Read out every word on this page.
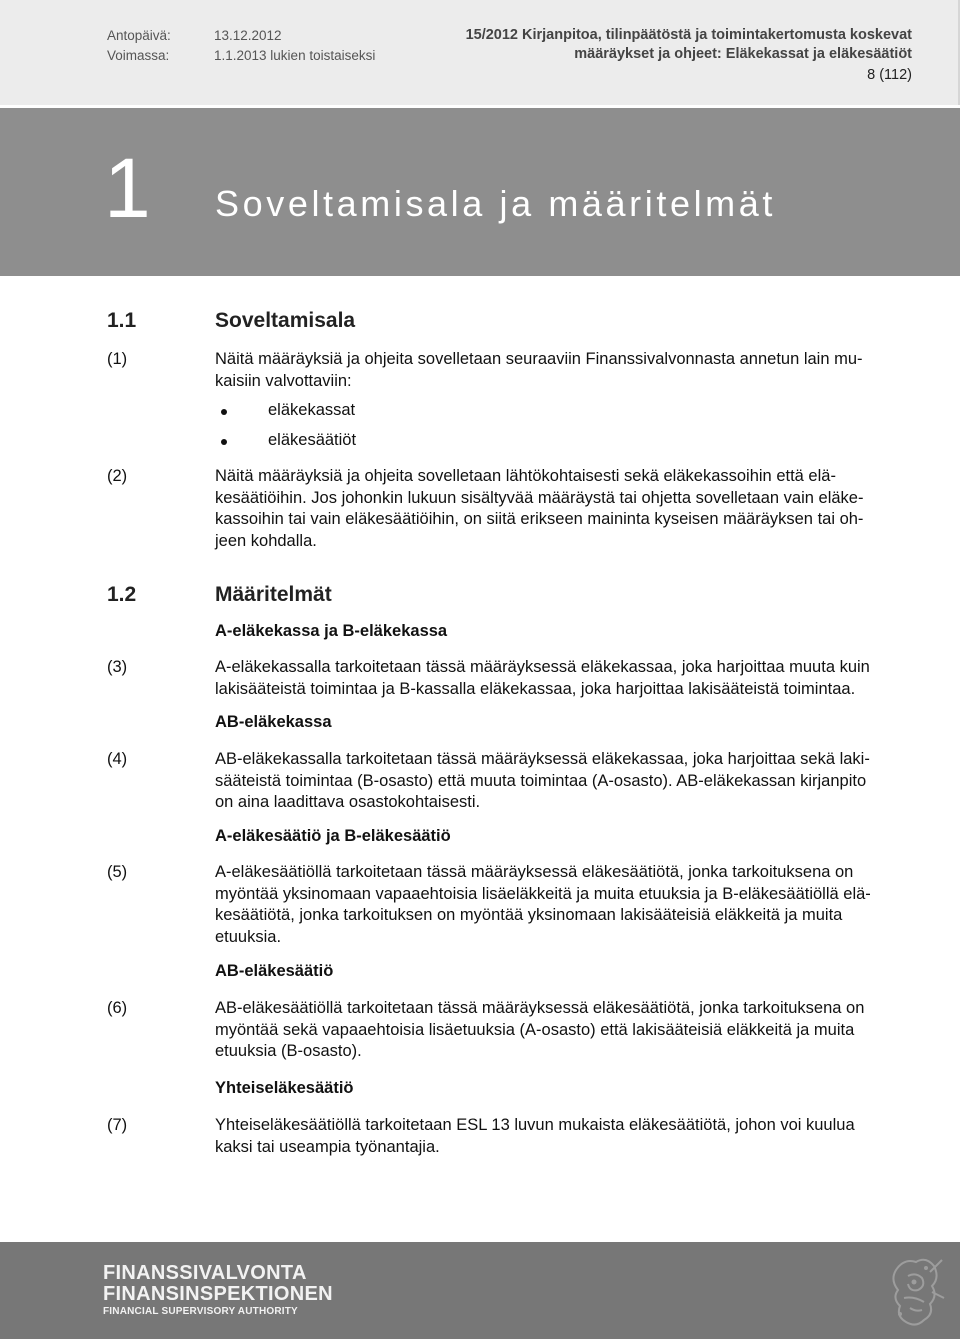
Antopäivä:	13.12.2012
Voimassa:	1.1.2013 lukien toistaiseksi
15/2012 Kirjanpitoa, tilinpäätöstä ja toimintakertomusta koskevat
määräykset ja ohjeet: Eläkekassat ja eläkesäätiöt
8 (112)
1 Soveltamisala ja määritelmät
1.1	Soveltamisala
(1)	Näitä määräyksiä ja ohjeita sovelletaan seuraaviin Finanssivalvonnasta annetun lain mu-
kaisiin valvottaviin:
eläkekassat
eläkesäätiöt
(2)	Näitä määräyksiä ja ohjeita sovelletaan lähtökohtaisesti sekä eläkekassoihin että elä-
kesäätiöihin. Jos johonkin lukuun sisältyvää määräystä tai ohjetta sovelletaan vain eläke-
kassoihin tai vain eläkesäätiöihin, on siitä erikseen maininta kyseisen määräyksen tai oh-
jeen kohdalla.
1.2	Määritelmät
A-eläkekassa ja B-eläkekassa
(3)	A-eläkekassalla tarkoitetaan tässä määräyksessä eläkekassaa, joka harjoittaa muuta kuin
lakisääteistä toimintaa ja B-kassalla eläkekassaa, joka harjoittaa lakisääteistä toimintaa.
AB-eläkekassa
(4)	AB-eläkekassalla tarkoitetaan tässä määräyksessä eläkekassaa, joka harjoittaa sekä laki-
sääteistä toimintaa (B-osasto) että muuta toimintaa (A-osasto). AB-eläkekassan kirjanpito
on aina laadittava osastokohtaisesti.
A-eläkesäätiö ja B-eläkesäätiö
(5)	A-eläkesäätiöllä tarkoitetaan tässä määräyksessä eläkesäätiötä, jonka tarkoituksena on
myöntää yksinomaan vapaaehtoisia lisäeläkkeitä ja muita etuuksia ja B-eläkesäätiöllä elä-
kesäätiötä, jonka tarkoituksen on myöntää yksinomaan lakisääteisiä eläkkeitä ja muita
etuuksia.
AB-eläkesäätiö
(6)	AB-eläkesäätiöllä tarkoitetaan tässä määräyksessä eläkesäätiötä, jonka tarkoituksena on
myöntää sekä vapaaehtoisia lisäetuuksia (A-osasto) että lakisääteisiä eläkkeitä ja muita
etuuksia (B-osasto).
Yhteiseläkesäätiö
(7)	Yhteiseläkesäätiöllä tarkoitetaan ESL 13 luvun mukaista eläkesäätiötä, johon voi kuulua
kaksi tai useampia työnantajia.
FINANSSIVALVONTA
FINANSINSPEKTIONEN
FINANCIAL SUPERVISORY AUTHORITY
